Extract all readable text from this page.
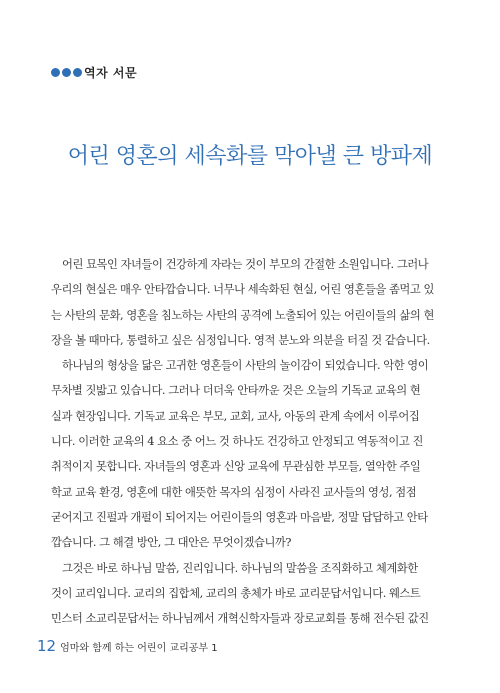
역자 서문
어린 영혼의 세속화를 막아낼 큰 방파제
어린 묘목인 자녀들이 건강하게 자라는 것이 부모의 간절한 소원입니다. 그러나
우리의 현실은 매우 안타깝습니다. 너무나 세속화된 현실, 어린 영혼들을 좀먹고 있
는 사탄의 문화, 영혼을 침노하는 사탄의 공격에 노출되어 있는 어린이들의 삶의 현
장을 볼 때마다, 통렬하고 싶은 심정입니다. 영적 분노와 의분을 터질 것 같습니다.
하나님의 형상을 닮은 고귀한 영혼들이 사탄의 놀이감이 되었습니다. 악한 영이
무차별 짓밟고 있습니다. 그러나 더더욱 안타까운 것은 오늘의 기독교 교육의 현
실과 현장입니다. 기독교 교육은 부모, 교회, 교사, 아동의 관계 속에서 이루어집
니다. 이러한 교육의 4 요소 중 어느 것 하나도 건강하고 안정되고 역동적이고 진
취적이지 못합니다. 자녀들의 영혼과 신앙 교육에 무관심한 부모들, 열악한 주일
학교 교육 환경, 영혼에 대한 애뜻한 목자의 심정이 사라진 교사들의 영성, 점점
굳어지고 진펄과 개펄이 되어지는 어린이들의 영혼과 마음밭, 정말 답답하고 안타
깝습니다. 그 해결 방안, 그 대안은 무엇이겠습니까?
그것은 바로 하나님 말씀, 진리입니다. 하나님의 말씀을 조직화하고 체계화한
것이 교리입니다. 교리의 집합체, 교리의 총체가 바로 교리문답서입니다. 웨스트
민스터 소교리문답서는 하나님께서 개혁신학자들과 장로교회를 통해 전수된 값진
12 엄마와 함께 하는 어린이 교리공부 1
